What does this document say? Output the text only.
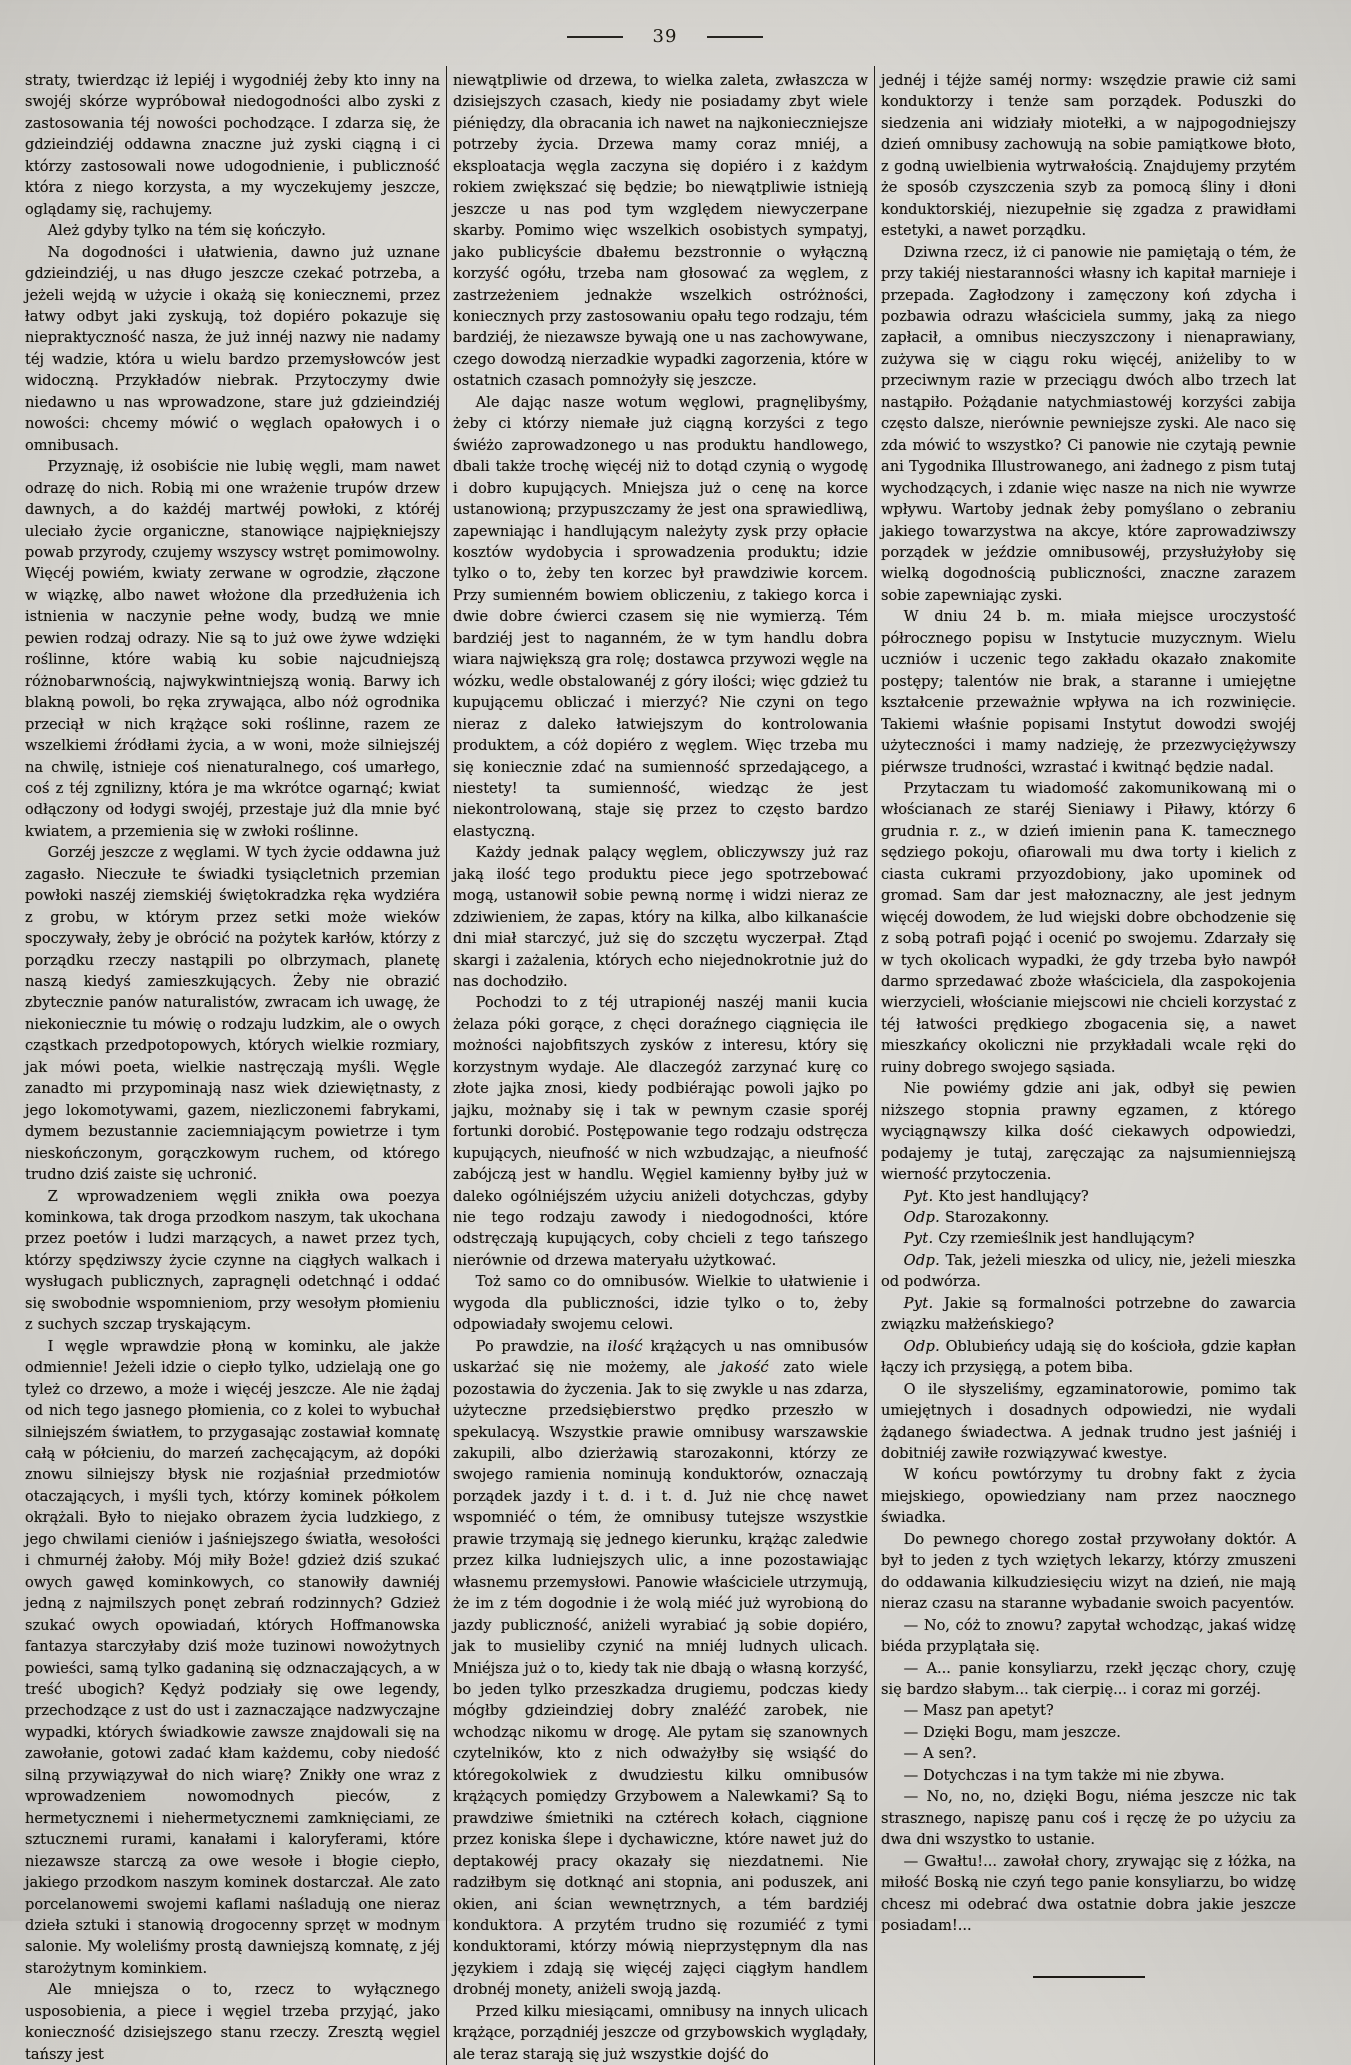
39

straty, twierdząc iż lepiéj i wygodniéj żeby kto inny na swojéj skórze wypróbował niedogodności albo zyski z zastosowania téj nowości pochodzące. I zdarza się, że gdzieindziéj oddawna znaczne już zyski ciągną i ci którzy zastosowali nowe udogodnienie, i publiczność która z niego korzysta, a my wyczekujemy jeszcze, oglądamy się, rachujemy.

Ależ gdyby tylko na tém się kończyło.

Na dogodności i ułatwienia, dawno już uznane gdzieindziéj, u nas długo jeszcze czekać potrzeba, a jeżeli wejdą w użycie i okażą się koniecznemi, przez łatwy odbyt jaki zyskują, toż dopiéro pokazuje się niepraktyczność nasza, że już innéj nazwy nie nadamy téj wadzie, która u wielu bardzo przemysłowców jest widoczną. Przykładów niebrak. Przytoczymy dwie niedawno u nas wprowadzone, stare już gdzieindziéj nowości: chcemy mówić o węglach opałowych i o omnibusach.

Przyznaję, iż osobiście nie lubię węgli, mam nawet odrazę do nich. Robią mi one wrażenie trupów drzew dawnych, a do każdéj martwéj powłoki, z któréj uleciało życie organiczne, stanowiące najpiękniejszy powab przyrody, czujemy wszyscy wstręt pomimowolny. Więcéj powiém, kwiaty zerwane w ogrodzie, złączone w wiązkę, albo nawet włożone dla przedłużenia ich istnienia w naczynie pełne wody, budzą we mnie pewien rodzaj odrazy. Nie są to już owe żywe wdzięki roślinne, które wabią ku sobie najcudniejszą różnobarwnością, najwykwintniejszą wonią. Barwy ich blakną powoli, bo ręka zrywająca, albo nóż ogrodnika przeciął w nich krążące soki roślinne, razem ze wszelkiemi źródłami życia, a w woni, może silniejszéj na chwilę, istnieje coś nienaturalnego, coś umarłego, coś z téj zgnilizny, która je ma wkrótce ogarnąć; kwiat odłączony od łodygi swojéj, przestaje już dla mnie być kwiatem, a przemienia się w zwłoki roślinne.

Gorzéj jeszcze z węglami. W tych życie oddawna już zagasło. Nieczułe te świadki tysiącletnich przemian powłoki naszéj ziemskiéj świętokradzka ręka wydziéra z grobu, w którym przez setki może wieków spoczywały, żeby je obrócić na pożytek karłów, którzy z porządku rzeczy nastąpili po olbrzymach, planetę naszą kiedyś zamieszkujących. Żeby nie obrazić zbytecznie panów naturalistów, zwracam ich uwagę, że niekoniecznie tu mówię o rodzaju ludzkim, ale o owych cząstkach przedpotopowych, których wielkie rozmiary, jak mówi poeta, wielkie nastręczają myśli. Węgle zanadto mi przypominają nasz wiek dziewiętnasty, z jego lokomotywami, gazem, niezliczonemi fabrykami, dymem bezustannie zaciemniającym powietrze i tym nieskończonym, gorączkowym ruchem, od którego trudno dziś zaiste się uchronić.

Z wprowadzeniem węgli znikła owa poezya kominkowa, tak droga przodkom naszym, tak ukochana przez poetów i ludzi marzących, a nawet przez tych, którzy spędziwszy życie czynne na ciągłych walkach i wysługach publicznych, zapragnęli odetchnąć i oddać się swobodnie wspomnieniom, przy wesołym płomieniu z suchych szczap tryskającym.

I węgle wprawdzie płoną w kominku, ale jakże odmiennie! Jeżeli idzie o ciepło tylko, udzielają one go tyleż co drzewo, a może i więcéj jeszcze. Ale nie żądaj od nich tego jasnego płomienia, co z kolei to wybuchał silniejszém światłem, to przygasając zostawiał komnatę całą w półcieniu, do marzeń zachęcającym, aż dopóki znowu silniejszy błysk nie rozjaśniał przedmiotów otaczających, i myśli tych, którzy kominek półkolem okrążali. Było to niejako obrazem życia ludzkiego, z jego chwilami cieniów i jaśniejszego światła, wesołości i chmurnéj żałoby. Mój miły Boże! gdzież dziś szukać owych gawęd kominkowych, co stanowiły dawniéj jedną z najmilszych ponęt zebrań rodzinnych? Gdzież szukać owych opowiadań, których Hoffmanowska fantazya starczyłaby dziś może tuzinowi nowożytnych powieści, samą tylko gadaniną się odznaczających, a w treść ubogich? Kędyż podziały się owe legendy, przechodzące z ust do ust i zaznaczające nadzwyczajne wypadki, których świadkowie zawsze znajdowali się na zawołanie, gotowi zadać kłam każdemu, coby niedość silną przywiązywał do nich wiarę? Znikły one wraz z wprowadzeniem nowomodnych pieców, z hermetycznemi i niehermetycznemi zamknięciami, ze sztucznemi rurami, kanałami i kaloryferami, które niezawsze starczą za owe wesołe i błogie ciepło, jakiego przodkom naszym kominek dostarczał. Ale zato porcelanowemi swojemi kaflami naśladują one nieraz dzieła sztuki i stanowią drogocenny sprzęt w modnym salonie. My woleliśmy prostą dawniejszą komnatę, z jéj starożytnym kominkiem.

Ale mniejsza o to, rzecz to wyłącznego usposobienia, a piece i węgiel trzeba przyjąć, jako konieczność dzisiejszego stanu rzeczy. Zresztą węgiel tańszy jest

niewątpliwie od drzewa, to wielka zaleta, zwłaszcza w dzisiejszych czasach, kiedy nie posiadamy zbyt wiele piéniędzy, dla obracania ich nawet na najkonieczniejsze potrzeby życia. Drzewa mamy coraz mniéj, a eksploatacja węgla zaczyna się dopiéro i z każdym rokiem zwiększać się będzie; bo niewątpliwie istnieją jeszcze u nas pod tym względem niewyczerpane skarby. Pomimo więc wszelkich osobistych sympatyj, jako publicyście dbałemu bezstronnie o wyłączną korzyść ogółu, trzeba nam głosować za węglem, z zastrzeżeniem jednakże wszelkich ostróżności, koniecznych przy zastosowaniu opału tego rodzaju, tém bardziéj, że niezawsze bywają one u nas zachowywane, czego dowodzą nierzadkie wypadki zagorzenia, które w ostatnich czasach pomnożyły się jeszcze.

Ale dając nasze wotum węglowi, pragnęlibyśmy, żeby ci którzy niemałe już ciągną korzyści z tego świéżo zaprowadzonego u nas produktu handlowego, dbali także trochę więcéj niż to dotąd czynią o wygodę i dobro kupujących. Mniejsza już o cenę na korce ustanowioną; przypuszczamy że jest ona sprawiedliwą, zapewniając i handlującym należyty zysk przy opłacie kosztów wydobycia i sprowadzenia produktu; idzie tylko o to, żeby ten korzec był prawdziwie korcem. Przy sumienném bowiem obliczeniu, z takiego korca i dwie dobre ćwierci czasem się nie wymierzą. Tém bardziéj jest to naganném, że w tym handlu dobra wiara największą gra rolę; dostawca przywozi węgle na wózku, wedle obstalowanéj z góry ilości; więc gdzież tu kupującemu obliczać i mierzyć? Nie czyni on tego nieraz z daleko łatwiejszym do kontrolowania produktem, a cóż dopiéro z węglem. Więc trzeba mu się koniecznie zdać na sumienność sprzedającego, a niestety! ta sumienność, wiedząc że jest niekontrolowaną, staje się przez to często bardzo elastyczną.

Każdy jednak palący węglem, obliczywszy już raz jaką ilość tego produktu piece jego spotrzebować mogą, ustanowił sobie pewną normę i widzi nieraz ze zdziwieniem, że zapas, który na kilka, albo kilkanaście dni miał starczyć, już się do szczętu wyczerpał. Ztąd skargi i zażalenia, których echo niejednokrotnie już do nas dochodziło.

Pochodzi to z téj utrapionéj naszéj manii kucia żelaza póki gorące, z chęci doraźnego ciągnięcia ile możności najobfitszych zysków z interesu, który się korzystnym wydaje. Ale dlaczegóż zarzynać kurę co złote jajka znosi, kiedy podbiérając powoli jajko po jajku, możnaby się i tak w pewnym czasie sporéj fortunki dorobić. Postępowanie tego rodzaju odstręcza kupujących, nieufność w nich wzbudzając, a nieufność zabójczą jest w handlu. Węgiel kamienny byłby już w daleko ogólniéjszém użyciu aniżeli dotychczas, gdyby nie tego rodzaju zawody i niedogodności, które odstręczają kupujących, coby chcieli z tego tańszego nierównie od drzewa materyału użytkować.

Toż samo co do omnibusów. Wielkie to ułatwienie i wygoda dla publiczności, idzie tylko o to, żeby odpowiadały swojemu celowi.

Po prawdzie, na ilość krążących u nas omnibusów uskarżać się nie możemy, ale jakość zato wiele pozostawia do życzenia. Jak to się zwykle u nas zdarza, użyteczne przedsiębierstwo prędko przeszło w spekulacyą. Wszystkie prawie omnibusy warszawskie zakupili, albo dzierżawią starozakonni, którzy ze swojego ramienia nominują konduktorów, oznaczają porządek jazdy i t. d. i t. d. Już nie chcę nawet wspomniéć o tém, że omnibusy tutejsze wszystkie prawie trzymają się jednego kierunku, krążąc zaledwie przez kilka ludniejszych ulic, a inne pozostawiając własnemu przemysłowi. Panowie właściciele utrzymują, że im z tém dogodnie i że wolą miéć już wyrobioną do jazdy publiczność, aniżeli wyrabiać ją sobie dopiéro, jak to musieliby czynić na mniéj ludnych ulicach. Mniéjsza już o to, kiedy tak nie dbają o własną korzyść, bo jeden tylko przeszkadza drugiemu, podczas kiedy mógłby gdzieindziej dobry znaléźć zarobek, nie wchodząc nikomu w drogę. Ale pytam się szanownych czytelników, kto z nich odważyłby się wsiąść do któregokolwiek z dwudziestu kilku omnibusów krążących pomiędzy Grzybowem a Nalewkami? Są to prawdziwe śmietniki na cztérech kołach, ciągnione przez koniska ślepe i dychawiczne, które nawet już do deptakowéj pracy okazały się niezdatnemi. Nie radziłbym się dotknąć ani stopnia, ani poduszek, ani okien, ani ścian wewnętrznych, a tém bardziéj konduktora. A przytém trudno się rozumiéć z tymi konduktorami, którzy mówią nieprzystępnym dla nas językiem i zdają się więcéj zajęci ciągłym handlem drobnéj monety, aniżeli swoją jazdą.

Przed kilku miesiącami, omnibusy na innych ulicach krążące, porządniéj jeszcze od grzybowskich wyglądały, ale teraz starają się już wszystkie dojść do

jednéj i téjże saméj normy: wszędzie prawie ciż sami konduktorzy i tenże sam porządek. Poduszki do siedzenia ani widziały miotełki, a w najpogodniejszy dzień omnibusy zachowują na sobie pamiątkowe błoto, z godną uwielbienia wytrwałością. Znajdujemy przytém że sposób czyszczenia szyb za pomocą śliny i dłoni konduktorskiéj, niezupełnie się zgadza z prawidłami estetyki, a nawet porządku.

Dziwna rzecz, iż ci panowie nie pamiętają o tém, że przy takiéj niestaranności własny ich kapitał marnieje i przepada. Zagłodzony i zamęczony koń zdycha i pozbawia odrazu właściciela summy, jaką za niego zapłacił, a omnibus nieczyszczony i nienaprawiany, zużywa się w ciągu roku więcéj, aniżeliby to w przeciwnym razie w przeciągu dwóch albo trzech lat nastąpiło. Pożądanie natychmiastowéj korzyści zabija często dalsze, nierównie pewniejsze zyski. Ale naco się zda mówić to wszystko? Ci panowie nie czytają pewnie ani Tygodnika Illustrowanego, ani żadnego z pism tutaj wychodzących, i zdanie więc nasze na nich nie wywrze wpływu. Wartoby jednak żeby pomyślano o zebraniu jakiego towarzystwa na akcye, które zaprowadziwszy porządek w jeździe omnibusowéj, przysłużyłoby się wielką dogodnością publiczności, znaczne zarazem sobie zapewniając zyski.

W dniu 24 b. m. miała miejsce uroczystość półrocznego popisu w Instytucie muzycznym. Wielu uczniów i uczenic tego zakładu okazało znakomite postępy; talentów nie brak, a staranne i umiejętne kształcenie przeważnie wpływa na ich rozwinięcie. Takiemi właśnie popisami Instytut dowodzi swojéj użyteczności i mamy nadzieję, że przezwyciężywszy piérwsze trudności, wzrastać i kwitnąć będzie nadal.

Przytaczam tu wiadomość zakomunikowaną mi o włościanach ze staréj Sieniawy i Piławy, którzy 6 grudnia r. z., w dzień imienin pana K. tamecznego sędziego pokoju, ofiarowali mu dwa torty i kielich z ciasta cukrami przyozdobiony, jako upominek od gromad. Sam dar jest małoznaczny, ale jest jednym więcéj dowodem, że lud wiejski dobre obchodzenie się z sobą potrafi pojąć i ocenić po swojemu. Zdarzały się w tych okolicach wypadki, że gdy trzeba było nawpół darmo sprzedawać zboże właściciela, dla zaspokojenia wierzycieli, włościanie miejscowi nie chcieli korzystać z téj łatwości prędkiego zbogacenia się, a nawet mieszkańcy okoliczni nie przykładali wcale ręki do ruiny dobrego swojego sąsiada.

Nie powiémy gdzie ani jak, odbył się pewien niższego stopnia prawny egzamen, z którego wyciągnąwszy kilka dość ciekawych odpowiedzi, podajemy je tutaj, zaręczając za najsumienniejszą wierność przytoczenia.

Pyt. Kto jest handlujący?

Odp. Starozakonny.

Pyt. Czy rzemieślnik jest handlującym?

Odp. Tak, jeżeli mieszka od ulicy, nie, jeżeli mieszka od podwórza.

Pyt. Jakie są formalności potrzebne do zawarcia związku małżeńskiego?

Odp. Oblubieńcy udają się do kościoła, gdzie kapłan łączy ich przysięgą, a potem biba.

O ile słyszeliśmy, egzaminatorowie, pomimo tak umiejętnych i dosadnych odpowiedzi, nie wydali żądanego świadectwa. A jednak trudno jest jaśniéj i dobitniéj zawiłe rozwiązywać kwestye.

W końcu powtórzymy tu drobny fakt z życia miejskiego, opowiedziany nam przez naocznego świadka.

Do pewnego chorego został przywołany doktór. A był to jeden z tych wziętych lekarzy, którzy zmuszeni do oddawania kilkudziesięciu wizyt na dzień, nie mają nieraz czasu na staranne wybadanie swoich pacyentów.

— No, cóż to znowu? zapytał wchodząc, jakaś widzę biéda przyplątała się.

— A... panie konsyliarzu, rzekł jęcząc chory, czuję się bardzo słabym... tak cierpię... i coraz mi gorzéj.

— Masz pan apetyt?

— Dzięki Bogu, mam jeszcze.

— A sen?.

— Dotychczas i na tym także mi nie zbywa.

— No, no, no, dzięki Bogu, niéma jeszcze nic tak strasznego, napiszę panu coś i ręczę że po użyciu za dwa dni wszystko to ustanie.

— Gwałtu!... zawołał chory, zrywając się z łóżka, na miłość Boską nie czyń tego panie konsyliarzu, bo widzę chcesz mi odebrać dwa ostatnie dobra jakie jeszcze posiadam!...
